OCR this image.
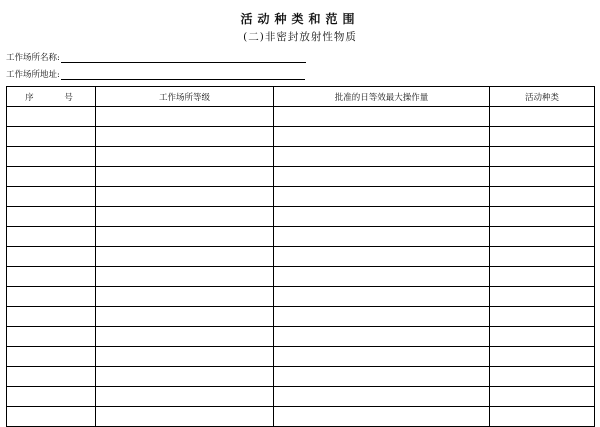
活动种类和范围
(二)非密封放射性物质
工作场所名称:
工作场所地址:
序 号	工作场所等级	批准的日等效最大操作量	活动种类
